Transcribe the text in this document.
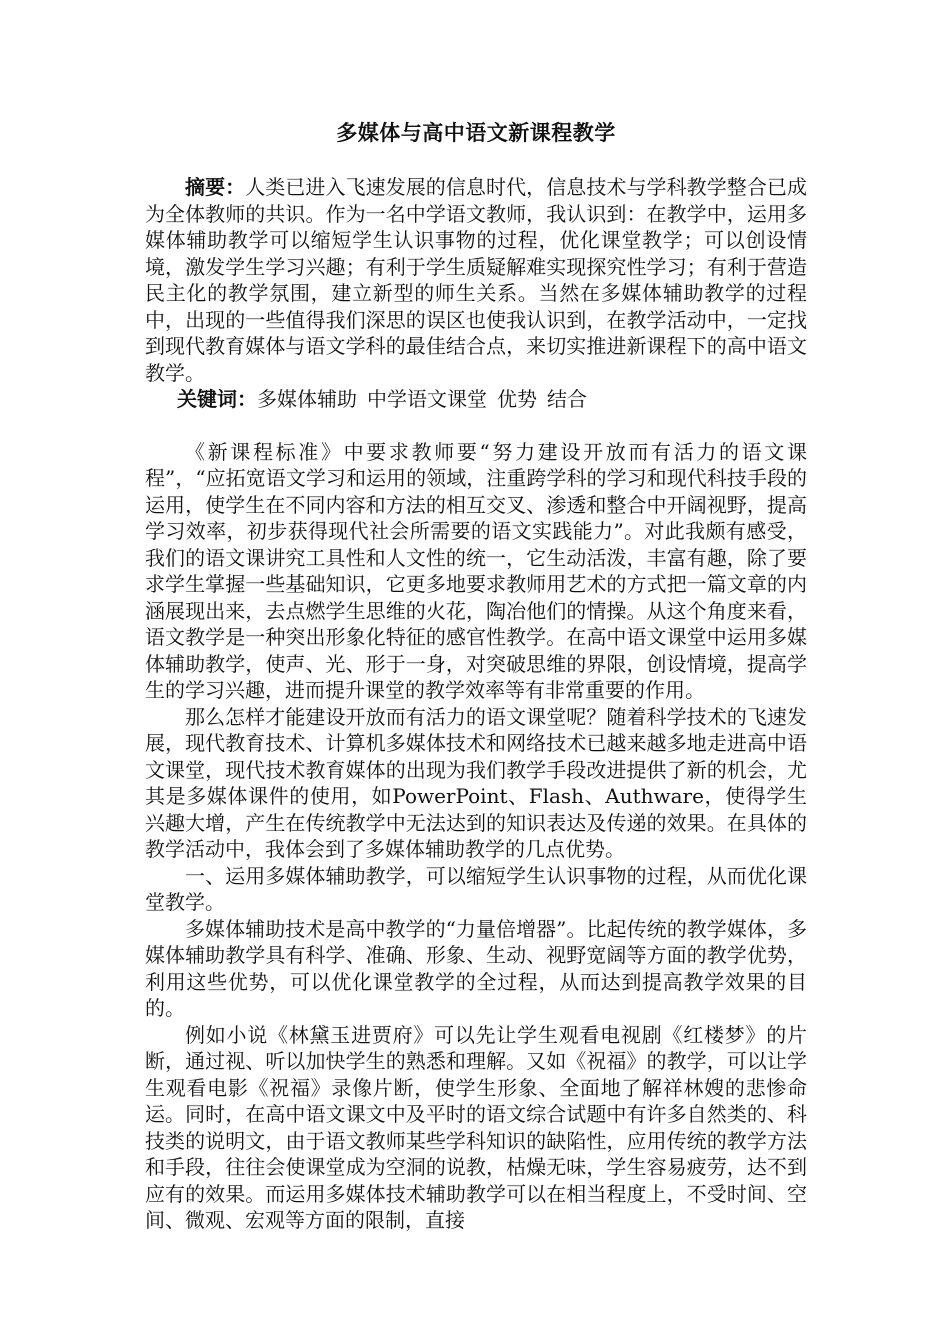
多媒体与高中语文新课程教学

摘要：人类已进入飞速发展的信息时代，信息技术与学科教学整合已成为全体教师的共识。作为一名中学语文教师，我认识到：在教学中，运用多媒体辅助教学可以缩短学生认识事物的过程，优化课堂教学；可以创设情境，激发学生学习兴趣；有利于学生质疑解难实现探究性学习；有利于营造民主化的教学氛围，建立新型的师生关系。当然在多媒体辅助教学的过程中，出现的一些值得我们深思的误区也使我认识到，在教学活动中，一定找到现代教育媒体与语文学科的最佳结合点，来切实推进新课程下的高中语文教学。

关键词：多媒体辅助 中学语文课堂 优势 结合

《新课程标准》中要求教师要“努力建设开放而有活力的语文课程”，“应拓宽语文学习和运用的领域，注重跨学科的学习和现代科技手段的运用，使学生在不同内容和方法的相互交叉、渗透和整合中开阔视野，提高学习效率，初步获得现代社会所需要的语文实践能力”。对此我颇有感受，我们的语文课讲究工具性和人文性的统一，它生动活泼，丰富有趣，除了要求学生掌握一些基础知识，它更多地要求教师用艺术的方式把一篇文章的内涵展现出来，去点燃学生思维的火花，陶冶他们的情操。从这个角度来看，语文教学是一种突出形象化特征的感官性教学。在高中语文课堂中运用多媒体辅助教学，使声、光、形于一身，对突破思维的界限，创设情境，提高学生的学习兴趣，进而提升课堂的教学效率等有非常重要的作用。

那么怎样才能建设开放而有活力的语文课堂呢？随着科学技术的飞速发展，现代教育技术、计算机多媒体技术和网络技术已越来越多地走进高中语文课堂，现代技术教育媒体的出现为我们教学手段改进提供了新的机会，尤其是多媒体课件的使用，如PowerPoint、Flash、Authware，使得学生兴趣大增，产生在传统教学中无法达到的知识表达及传递的效果。在具体的教学活动中，我体会到了多媒体辅助教学的几点优势。

一、运用多媒体辅助教学，可以缩短学生认识事物的过程，从而优化课堂教学。

多媒体辅助技术是高中教学的“力量倍增器”。比起传统的教学媒体，多媒体辅助教学具有科学、准确、形象、生动、视野宽阔等方面的教学优势，利用这些优势，可以优化课堂教学的全过程，从而达到提高教学效果的目的。

例如小说《林黛玉进贾府》可以先让学生观看电视剧《红楼梦》的片断，通过视、听以加快学生的熟悉和理解。又如《祝福》的教学，可以让学生观看电影《祝福》录像片断，使学生形象、全面地了解祥林嫂的悲惨命运。同时，在高中语文课文中及平时的语文综合试题中有许多自然类的、科技类的说明文，由于语文教师某些学科知识的缺陷性，应用传统的教学方法和手段，往往会使课堂成为空洞的说教，枯燥无味，学生容易疲劳，达不到应有的效果。而运用多媒体技术辅助教学可以在相当程度上，不受时间、空间、微观、宏观等方面的限制，直接
